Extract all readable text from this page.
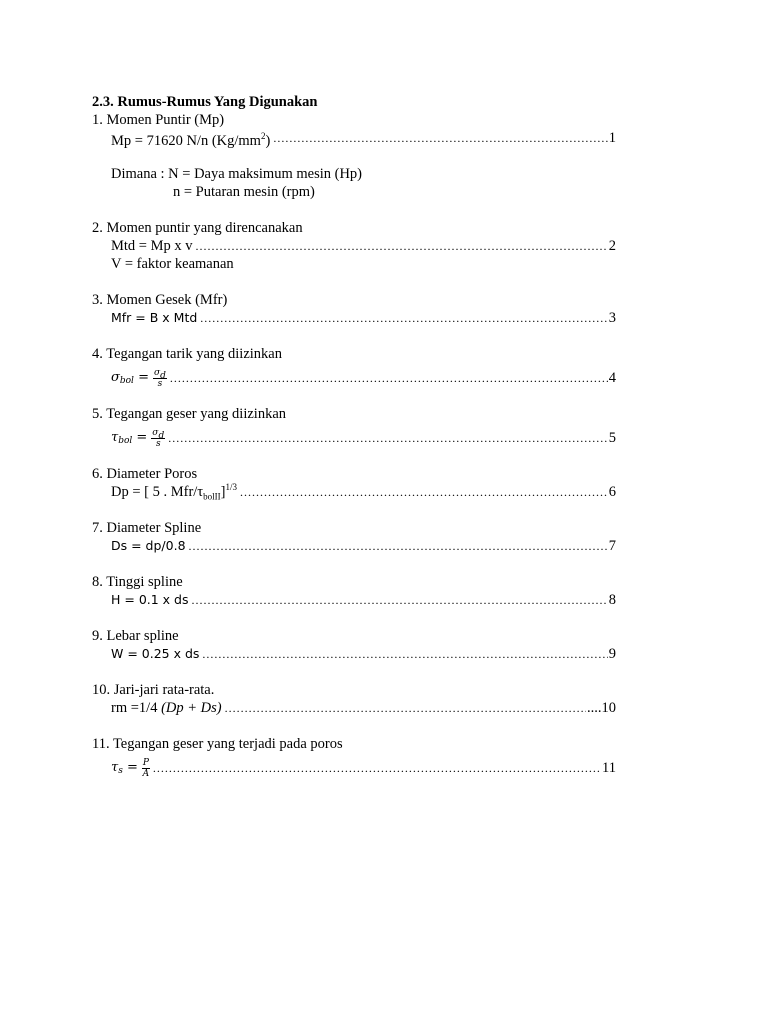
2.3. Rumus-Rumus Yang Digunakan
1. Momen Puntir (Mp)
Mp = 71620 N/n $(Kg/mm^2)$ .....	1
Dimana : N = Daya maksimum mesin (Hp)
n = Putaran mesin (rpm)
2. Momen puntir yang direncanakan
Mtd = Mp x v .....	2
V = faktor keamanan
3. Momen Gesek (Mfr)
Mfr = B x Mtd .....	3
4. Tegangan tarik yang diizinkan
σ bol = $\frac{\sigma d}{s}$ .....	4
5. Tegangan geser yang diizinkan
τ bol = $\frac{\sigma d}{s}$ .....	5
6. Diameter Poros
Dp = [ 5 . Mfr/$\tau_{bolII}]^{1/3}$ .....	6
7. Diameter Spline
Ds = dp/0.8 .....	7
8. Tinggi spline
H = 0.1 x ds .....	8
9. Lebar spline
W = 0.25 x ds .....	9
10. Jari-jari rata-rata.
rm =1/4 (Dp + Ds) .....	....10
11. Tegangan geser yang terjadi pada poros
τ $s = \frac{P}{A}$ .....	11
